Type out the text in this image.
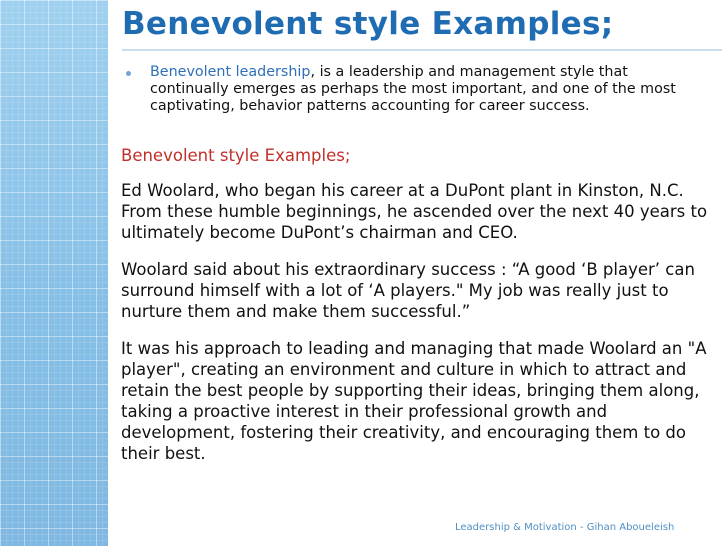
Benevolent style Examples;
Benevolent leadership, is a leadership and management style that continually emerges as perhaps the most important, and one of the most captivating, behavior patterns accounting for career success.

Benevolent style Examples;

Ed Woolard, who began his career at a DuPont plant in Kinston, N.C. From these humble beginnings, he ascended over the next 40 years to ultimately become DuPont’s chairman and CEO.

Woolard said about his extraordinary success : “A good ‘B player’ can surround himself with a lot of ‘A players." My job was really just to nurture them and make them successful.”

It was his approach to leading and managing that made Woolard an "A player", creating an environment and culture in which to attract and retain the best people by supporting their ideas, bringing them along, taking a proactive interest in their professional growth and development, fostering their creativity, and encouraging them to do their best.

Leadership & Motivation - Gihan Aboueleish
